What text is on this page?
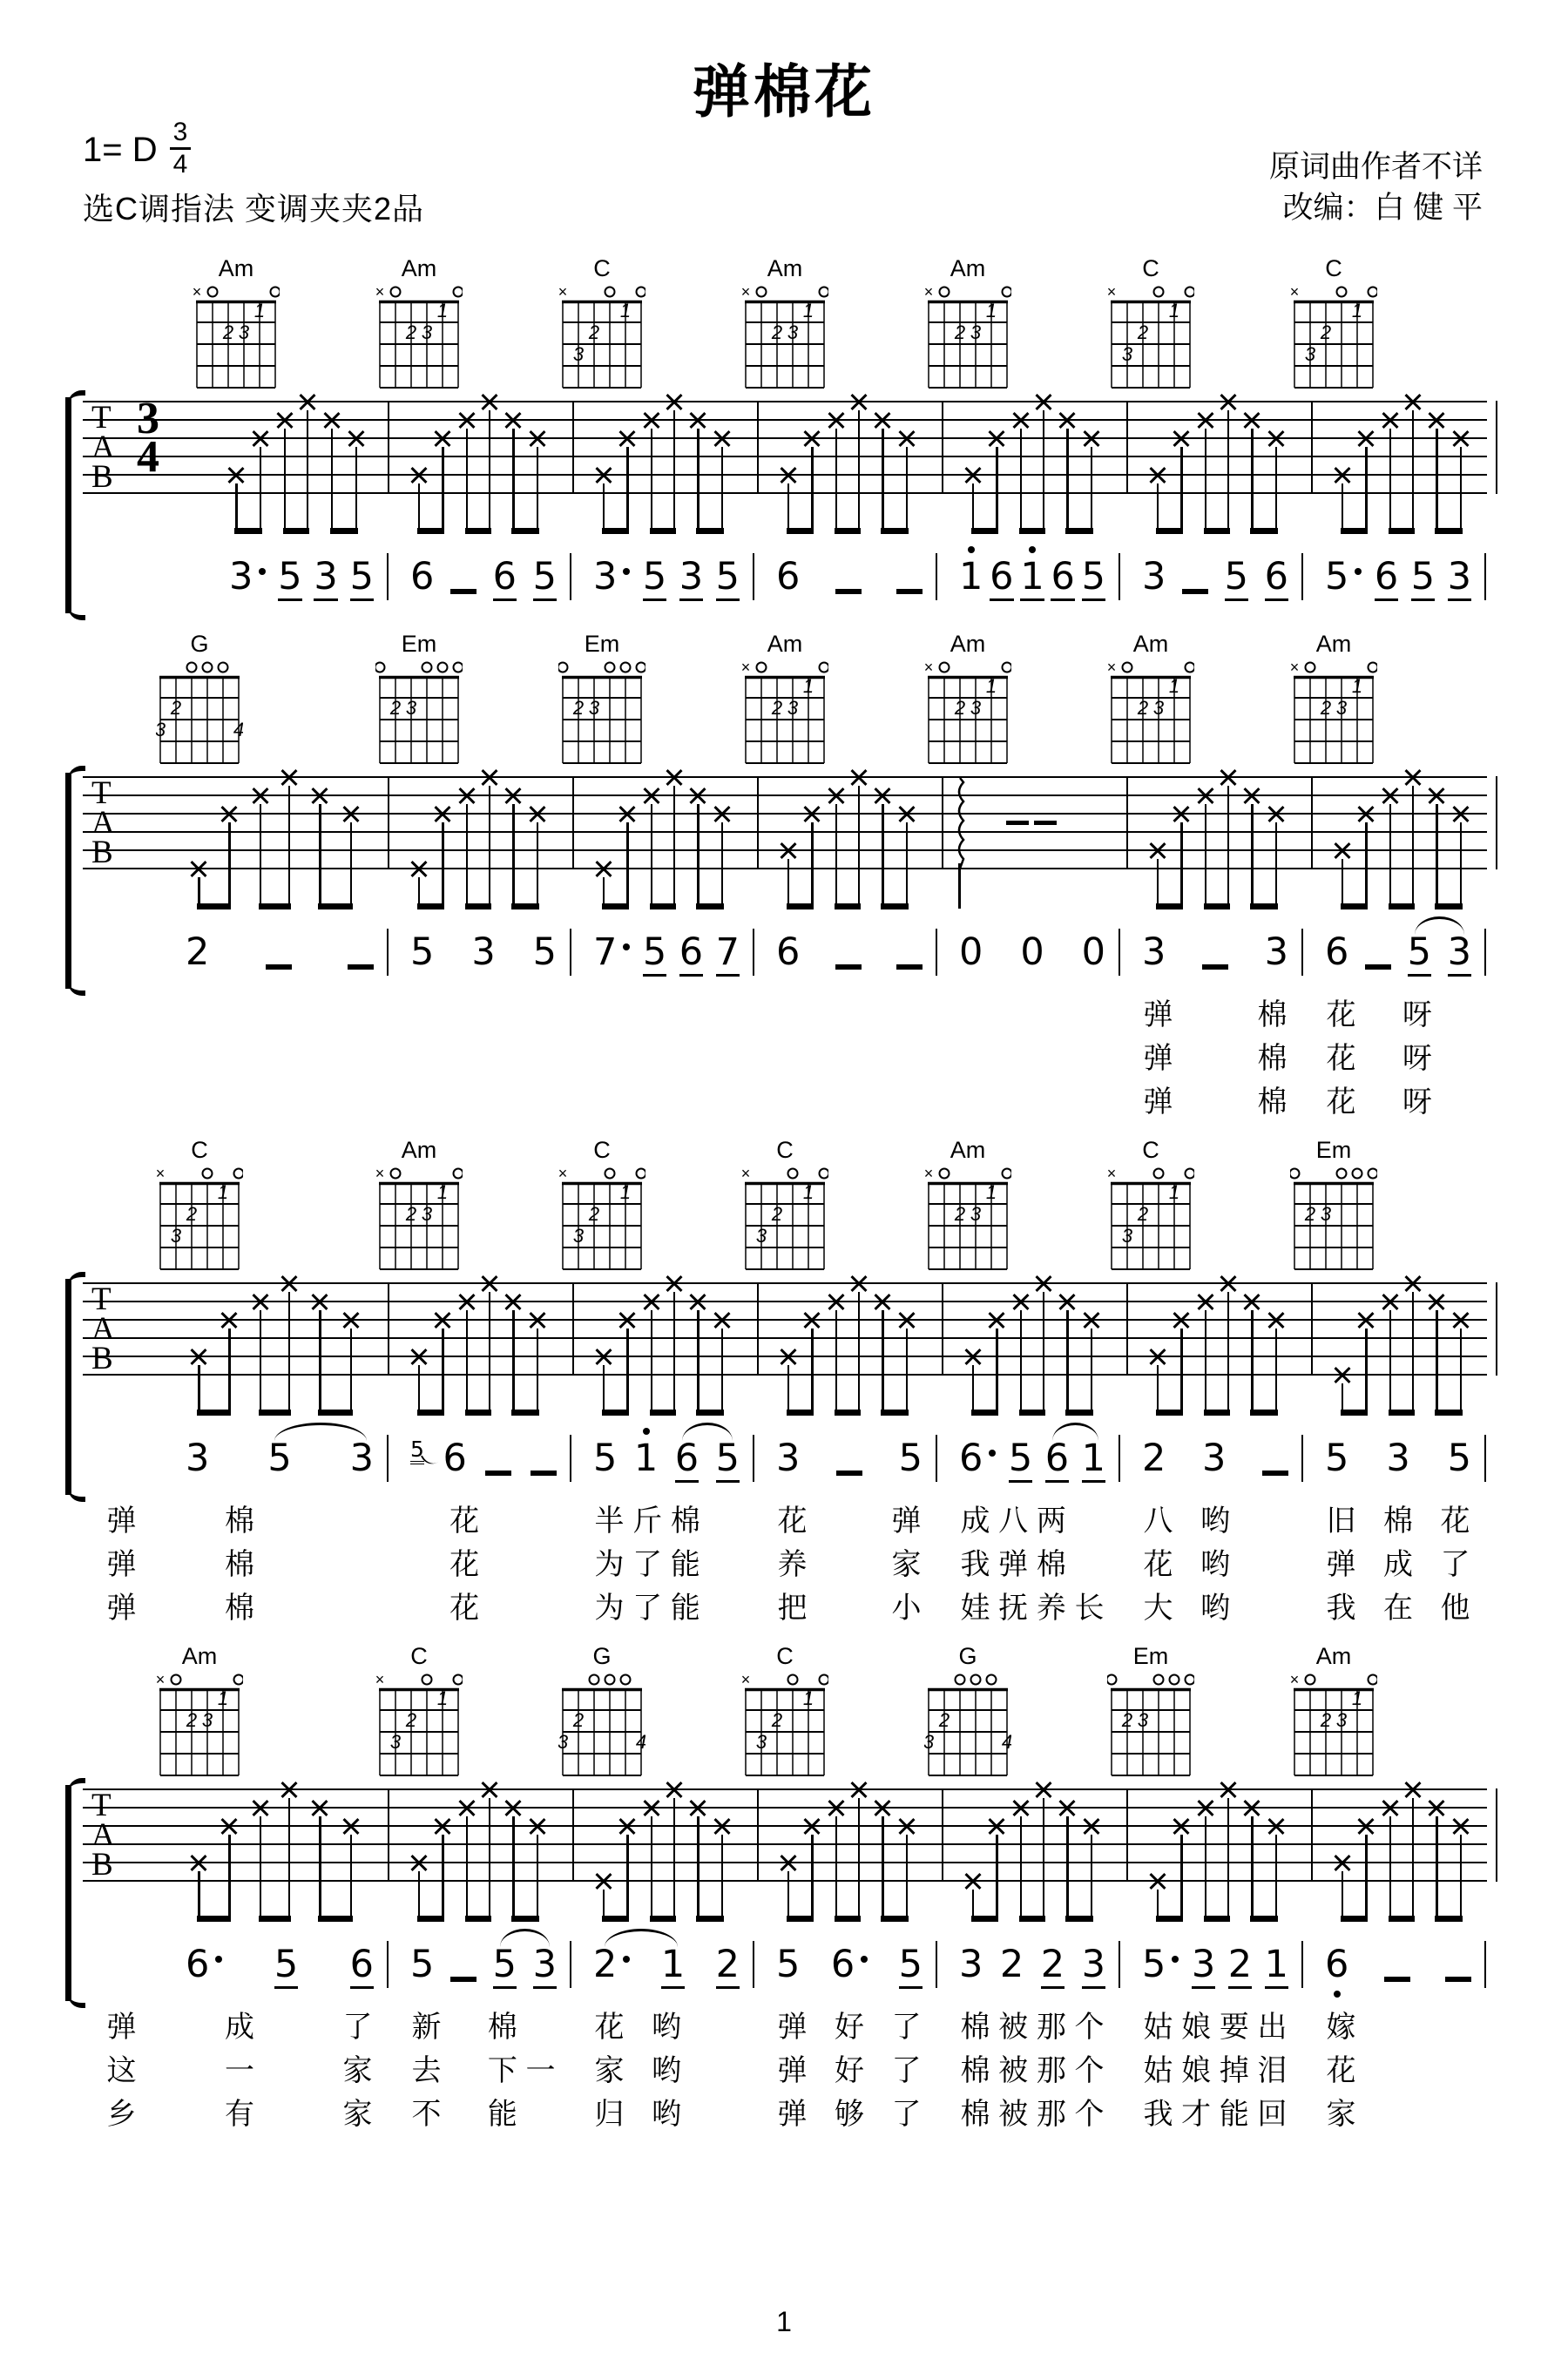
弹棉花
1= D $\frac{3}{4}$
选C调指法 变调夹夹2品
原词曲作者不详
改编：白 健 平
Am
×
2 3
1
Am
×
2 3
1
C
×
3
2
1
Am
×
2 3
1
Am
×
2 3
1
C
×
3
2
1
C
×
3
2
1
T
A
B
3
4
3 5 3 5 6 6 5 3 5 3 5 6	1 6 1 6 5 3 5 6 5 6 5 3
G
3
2
4
Em
2 3
Em
2 3
Am
×
2 3
1
Am
×
2 3
1
Am
×
2 3
1
Am
×
2 3
1
T
A
B
2	5 3 5 7 5 6 7 6	0 0 0 3	3 6 5 3
弹	棉 花 呀
弹	棉 花 呀
弹	棉 花 呀
C
×
3
2
1
Am
×
2 3
1
C
×
3
2
1
C
×
3
2
1
Am
×
2 3
1
C
×
3
2
1
Em
2 3
T
A
B
3 5 3 5 6	5 1 6 5 3	5 6 5 6 1 2 3	5 3 5
弹	棉	花	半 斤 棉	花	弹 成 八 两	八 哟	旧 棉 花
弹	棉	花	为 了 能	养	家 我 弹 棉	花 哟	弹 成 了
弹	棉	花	为 了 能	把	小 娃 抚 养 长 大 哟	我 在 他
Am
×
2 3
1
C
×
3
2
1
G
3
2
4
C
×
3
2
1
G
3
2
4
Em
2 3
Am
×
2 3
1
T
A
B
6	5 6 5 5 3 2	1 2 5 6	5 3 2 2 3 5 3 2 1 6
弹	成	了 新 棉	花 哟	弹 好 了 棉 被 那 个 姑 娘 要 出 嫁
这	一	家 去 下 一 家 哟	弹 好 了 棉 被 那 个 姑 娘 掉 泪 花
乡	有	家 不 能	归 哟	弹 够 了 棉 被 那 个 我 才 能 回 家
1
